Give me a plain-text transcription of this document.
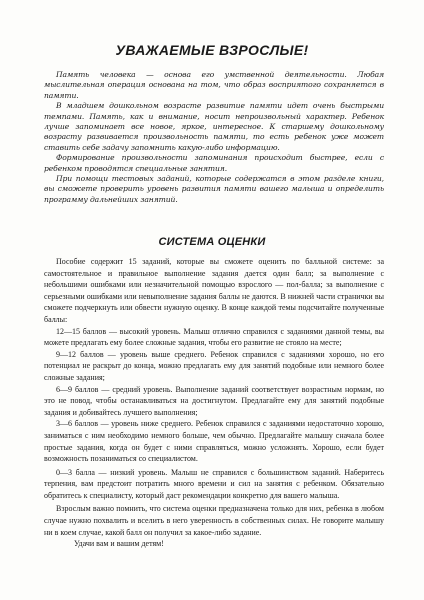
УВАЖАЕМЫЕ ВЗРОСЛЫЕ!

Память человека — основа его умственной деятельности. Любая мыслительная операция основана на том, что образ восприятого сохраняется в памяти.

В младшем дошкольном возрасте развитие памяти идет очень быстрыми темпами. Память, как и внимание, носит непроизвольный характер. Ребенок лучше запоминает все новое, яркое, интересное. К старшему дошкольному возрасту развивается произвольность памяти, то есть ребенок уже может ставить себе задачу запомнить какую-либо информацию.

Формирование произвольности запоминания происходит быстрее, если с ребенком проводятся специальные занятия.

При помощи тестовых заданий, которые содержатся в этом разделе книги, вы сможете проверить уровень развития памяти вашего малыша и определить программу дальнейших занятий.

СИСТЕМА ОЦЕНКИ

Пособие содержит 15 заданий, которые вы сможете оценить по балльной системе: за самостоятельное и правильное выполнение задания дается один балл; за выполнение с небольшими ошибками или незначительной помощью взрослого — пол-балла; за выполнение с серьезными ошибками или невыполнение задания баллы не даются. В нижней части странички вы сможете подчеркнуть или обвести нужную оценку. В конце каждой темы подсчитайте полученные баллы:

12—15 баллов — высокий уровень. Малыш отлично справился с заданиями данной темы, вы можете предлагать ему более сложные задания, чтобы его развитие не стояло на месте;

9—12 баллов — уровень выше среднего. Ребенок справился с заданиями хорошо, но его потенциал не раскрыт до конца, можно предлагать ему для занятий подобные или немного более сложные задания;

6—9 баллов — средний уровень. Выполнение заданий соответствует возрастным нормам, но это не повод, чтобы останавливаться на достигнутом. Предлагайте ему для занятий подобные задания и добивайтесь лучшего выполнения;

3—6 баллов — уровень ниже среднего. Ребенок справился с заданиями недостаточно хорошо, заниматься с ним необходимо немного больше, чем обычно. Предлагайте малышу сначала более простые задания, когда он будет с ними справляться, можно усложнять. Хорошо, если будет возможность позаниматься со специалистом.

0—3 балла — низкий уровень. Малыш не справился с большинством заданий. Наберитесь терпения, вам предстоит потратить много времени и сил на занятия с ребенком. Обязательно обратитесь к специалисту, который даст рекомендации конкретно для вашего малыша.

Взрослым важно помнить, что система оценки предназначена только для них, ребенка в любом случае нужно похвалить и вселить в него уверенность в собственных силах. Не говорите малышу ни в коем случае, какой балл он получил за какое-либо задание.

Удачи вам и вашим детям!
